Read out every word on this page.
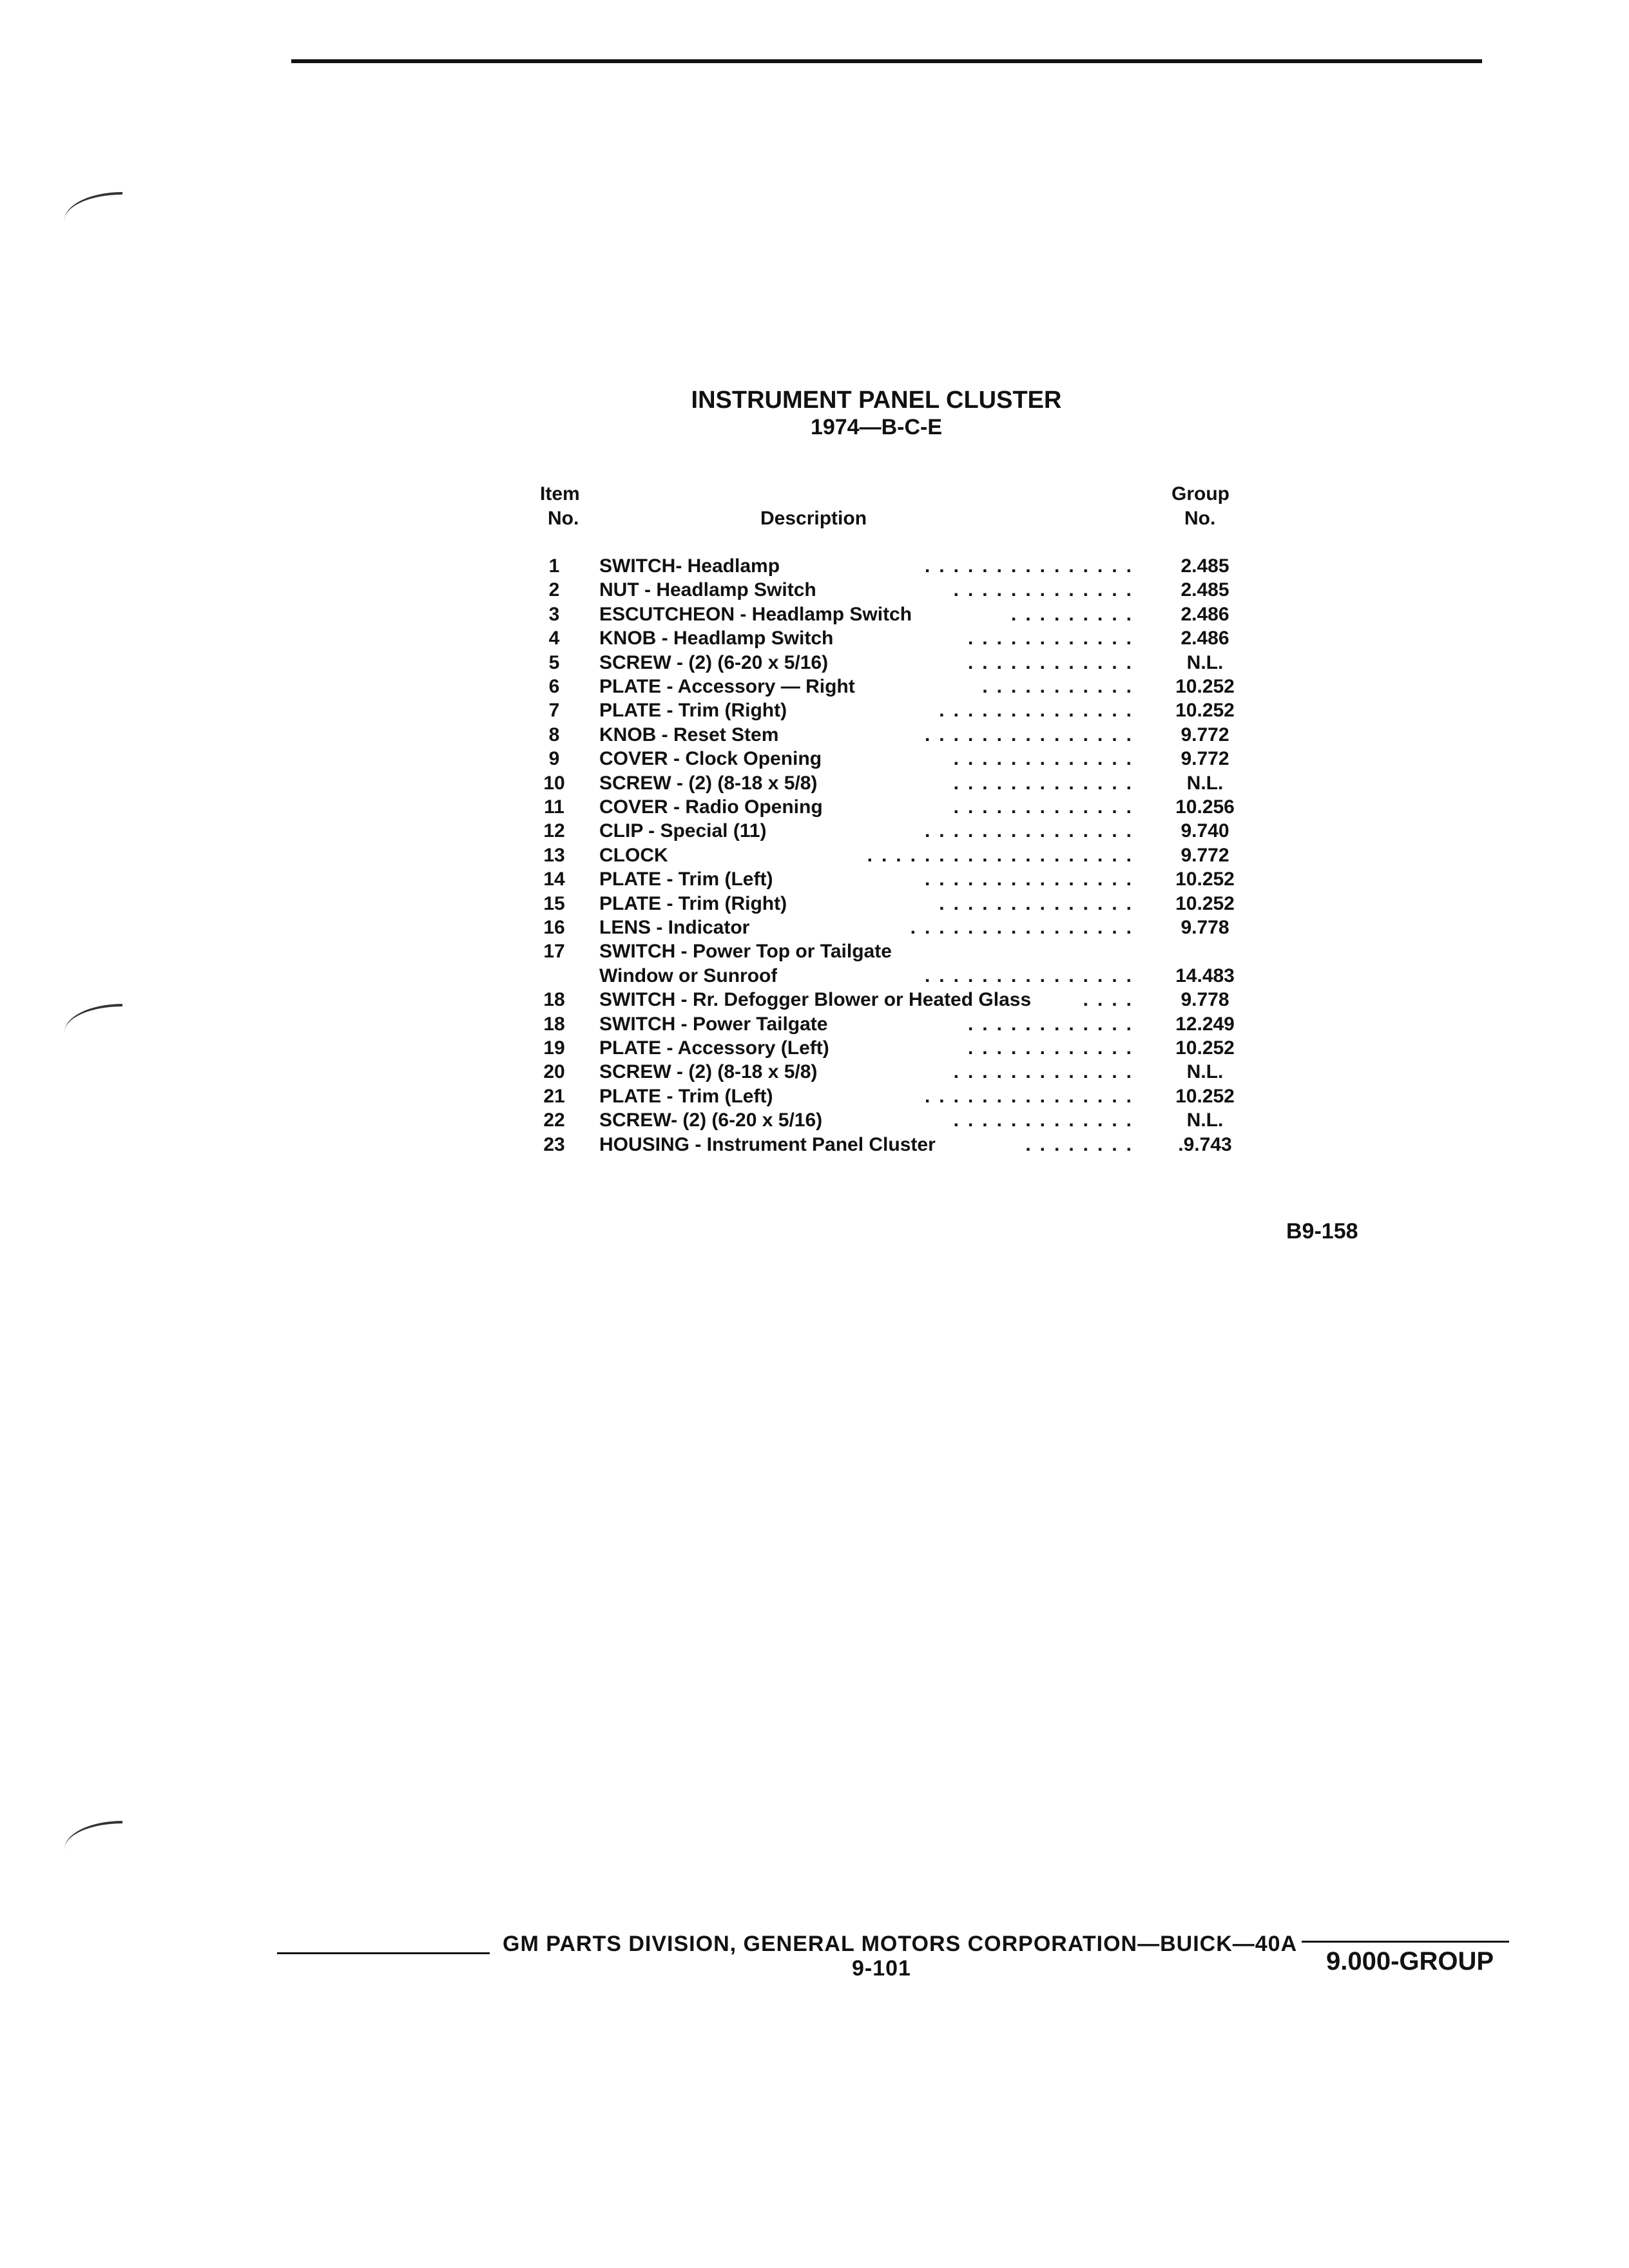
INSTRUMENT PANEL CLUSTER
1974—B-C-E
Item
No.	Description
Group
No.
1	SWITCH- Headlamp	...............	2.485
2	NUT - Headlamp Switch	.............	2.485
3	ESCUTCHEON - Headlamp Switch	.........	2.486
4	KNOB - Headlamp Switch	............	2.486
5	SCREW - (2) (6-20 x 5/16)	............	N.L.
6	PLATE - Accessory — Right	...........	10.252
7	PLATE - Trim (Right)	..............	10.252
8	KNOB - Reset Stem	...............	9.772
9	COVER - Clock Opening	.............	9.772
10	SCREW - (2) (8-18 x 5/8)	.............	N.L.
11	COVER - Radio Opening	.............	10.256
12	CLIP - Special (11)	...............	9.740
13	CLOCK	...................	9.772
14	PLATE - Trim (Left)	...............	10.252
15	PLATE - Trim (Right)	..............	10.252
16	LENS - Indicator	................	9.778
17	SWITCH - Power Top or Tailgate
Window or Sunroof	...............	14.483
18	SWITCH - Rr. Defogger Blower or Heated Glass	....	9.778
18	SWITCH - Power Tailgate	............	12.249
19	PLATE - Accessory (Left)	............	10.252
20	SCREW - (2) (8-18 x 5/8)	.............	N.L.
21	PLATE - Trim (Left)	...............	10.252
22	SCREW- (2) (6-20 x 5/16)	.............	N.L.
23	HOUSING - Instrument Panel Cluster	........	.9.743
B9-158
GM PARTS DIVISION, GENERAL MOTORS CORPORATION—BUICK—40A
9-101	9.000-GROUP
